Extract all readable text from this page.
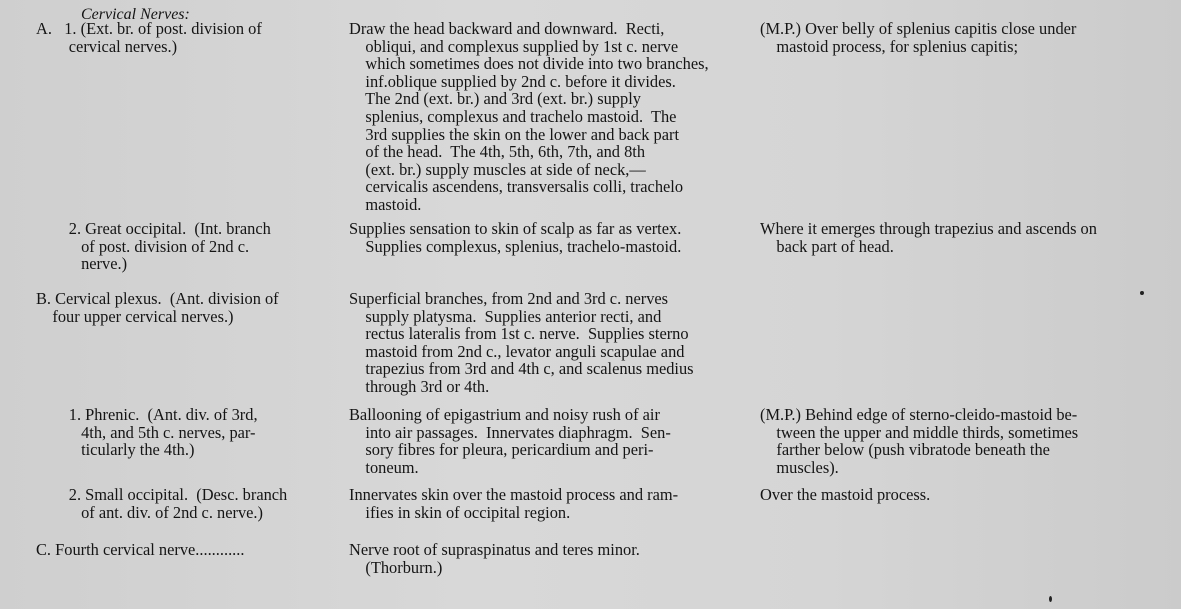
Cervical Nerves:
A.   1. (Ext. br. of post. division of
cervical nerves.)
Draw the head backward and downward.  Recti,
obliqui, and complexus supplied by 1st c. nerve
which sometimes does not divide into two branches,
inf.oblique supplied by 2nd c. before it divides.
The 2nd (ext. br.) and 3rd (ext. br.) supply
splenius, complexus and trachelo mastoid.  The
3rd supplies the skin on the lower and back part
of the head.  The 4th, 5th, 6th, 7th, and 8th
(ext. br.) supply muscles at side of neck,—
cervicalis ascendens, transversalis colli, trachelo
mastoid.
(M.P.) Over belly of splenius capitis close under
mastoid process, for splenius capitis;
2. Great occipital.  (Int. branch
of post. division of 2nd c.
nerve.)
Supplies sensation to skin of scalp as far as vertex.
Supplies complexus, splenius, trachelo-mastoid.
Where it emerges through trapezius and ascends on
back part of head.
B. Cervical plexus.  (Ant. division of
four upper cervical nerves.)
Superficial branches, from 2nd and 3rd c. nerves
supply platysma.  Supplies anterior recti, and
rectus lateralis from 1st c. nerve.  Supplies sterno
mastoid from 2nd c., levator anguli scapulae and
trapezius from 3rd and 4th c, and scalenus medius
through 3rd or 4th.
1. Phrenic.  (Ant. div. of 3rd,
4th, and 5th c. nerves, par-
ticularly the 4th.)
Ballooning of epigastrium and noisy rush of air
into air passages.  Innervates diaphragm.  Sen-
sory fibres for pleura, pericardium and peri-
toneum.
(M.P.) Behind edge of sterno-cleido-mastoid be-
tween the upper and middle thirds, sometimes
farther below (push vibratode beneath the
muscles).
2. Small occipital.  (Desc. branch
of ant. div. of 2nd c. nerve.)
Innervates skin over the mastoid process and ram-
ifies in skin of occipital region.
Over the mastoid process.
C. Fourth cervical nerve............	Nerve root of supraspinatus and teres minor.
(Thorburn.)
